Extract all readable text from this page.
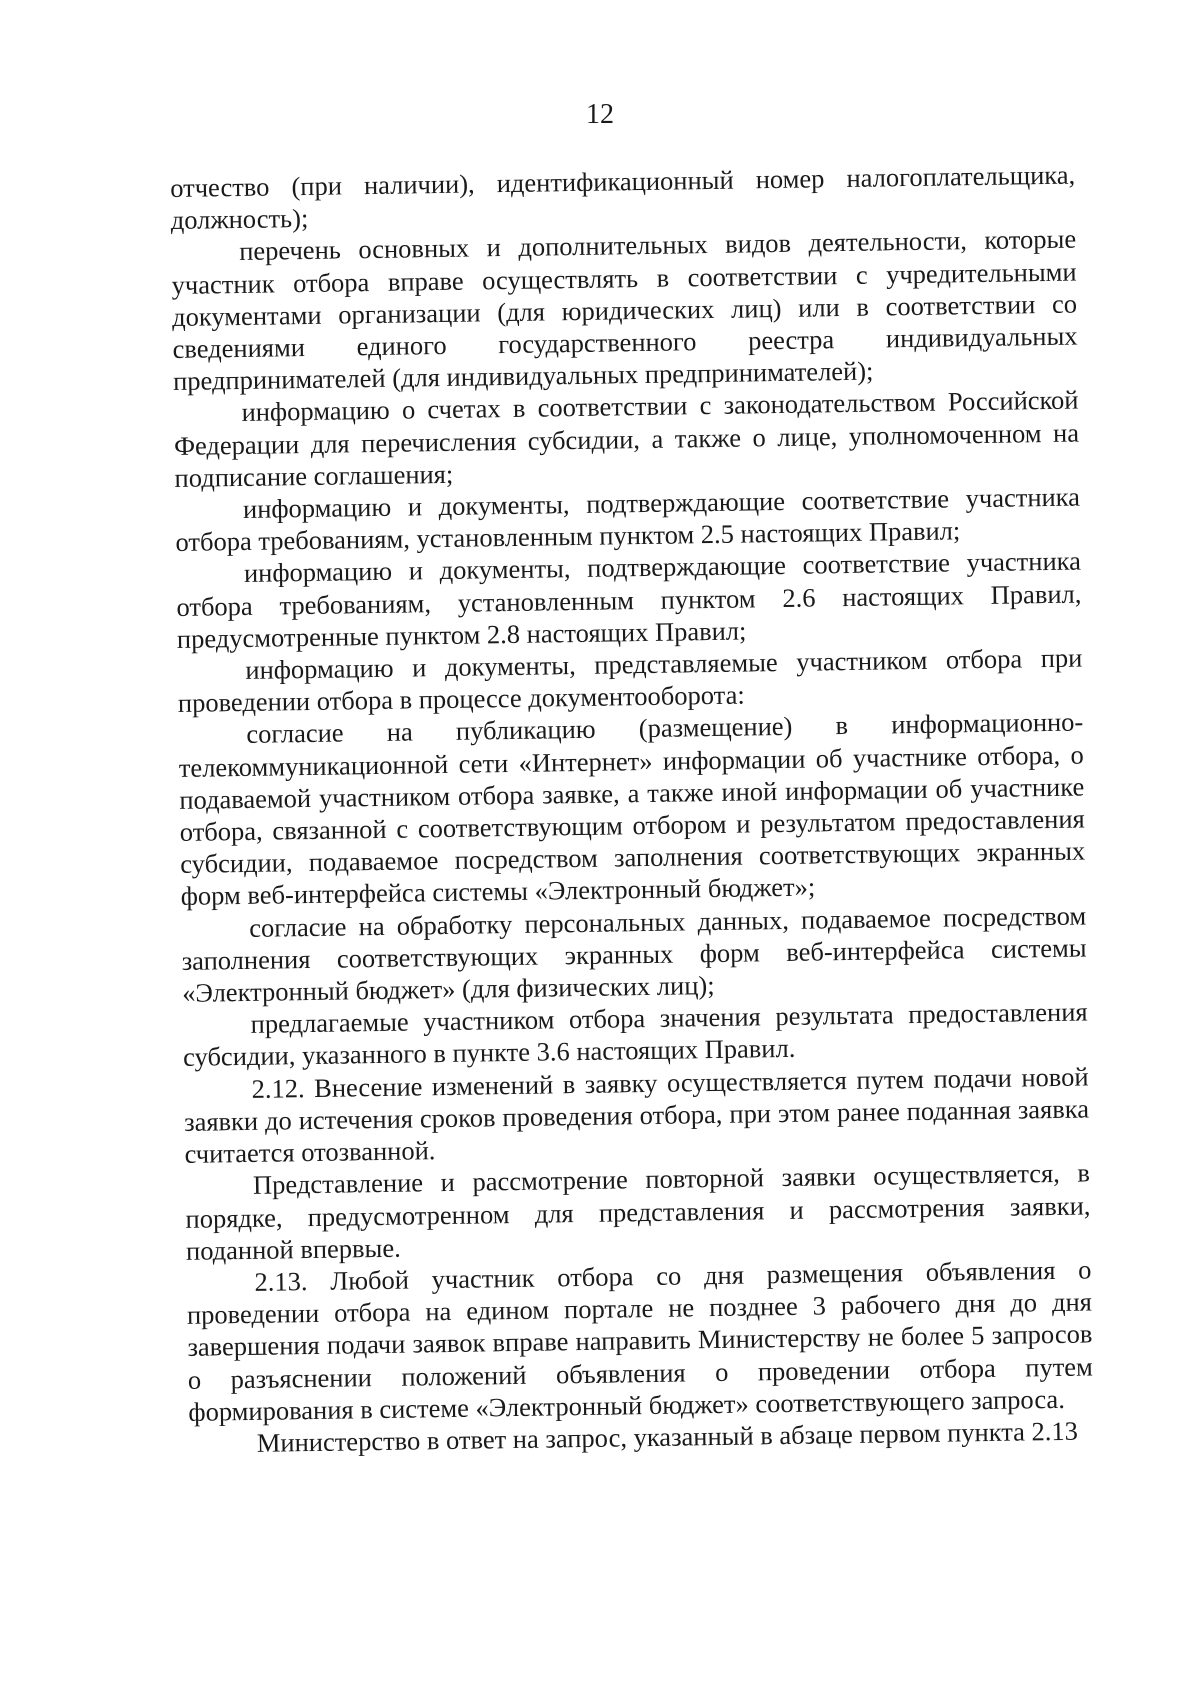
12

отчество (при наличии), идентификационный номер налогоплательщика, должность);

перечень основных и дополнительных видов деятельности, которые участник отбора вправе осуществлять в соответствии с учредительными документами организации (для юридических лиц) или в соответствии со сведениями единого государственного реестра индивидуальных предпринимателей (для индивидуальных предпринимателей);

информацию о счетах в соответствии с законодательством Российской Федерации для перечисления субсидии, а также о лице, уполномоченном на подписание соглашения;

информацию и документы, подтверждающие соответствие участника отбора требованиям, установленным пунктом 2.5 настоящих Правил;

информацию и документы, подтверждающие соответствие участника отбора требованиям, установленным пунктом 2.6 настоящих Правил, предусмотренные пунктом 2.8 настоящих Правил;

информацию и документы, представляемые участником отбора при проведении отбора в процессе документооборота:

согласие на публикацию (размещение) в информационно-телекоммуникационной сети «Интернет» информации об участнике отбора, о подаваемой участником отбора заявке, а также иной информации об участнике отбора, связанной с соответствующим отбором и результатом предоставления субсидии, подаваемое посредством заполнения соответствующих экранных форм веб-интерфейса системы «Электронный бюджет»;

согласие на обработку персональных данных, подаваемое посредством заполнения соответствующих экранных форм веб-интерфейса системы «Электронный бюджет» (для физических лиц);

предлагаемые участником отбора значения результата предоставления субсидии, указанного в пункте 3.6 настоящих Правил.

2.12. Внесение изменений в заявку осуществляется путем подачи новой заявки до истечения сроков проведения отбора, при этом ранее поданная заявка считается отозванной.

Представление и рассмотрение повторной заявки осуществляется, в порядке, предусмотренном для представления и рассмотрения заявки, поданной впервые.

2.13. Любой участник отбора со дня размещения объявления о проведении отбора на едином портале не позднее 3 рабочего дня до дня завершения подачи заявок вправе направить Министерству не более 5 запросов о разъяснении положений объявления о проведении отбора путем формирования в системе «Электронный бюджет» соответствующего запроса.

Министерство в ответ на запрос, указанный в абзаце первом пункта 2.13
